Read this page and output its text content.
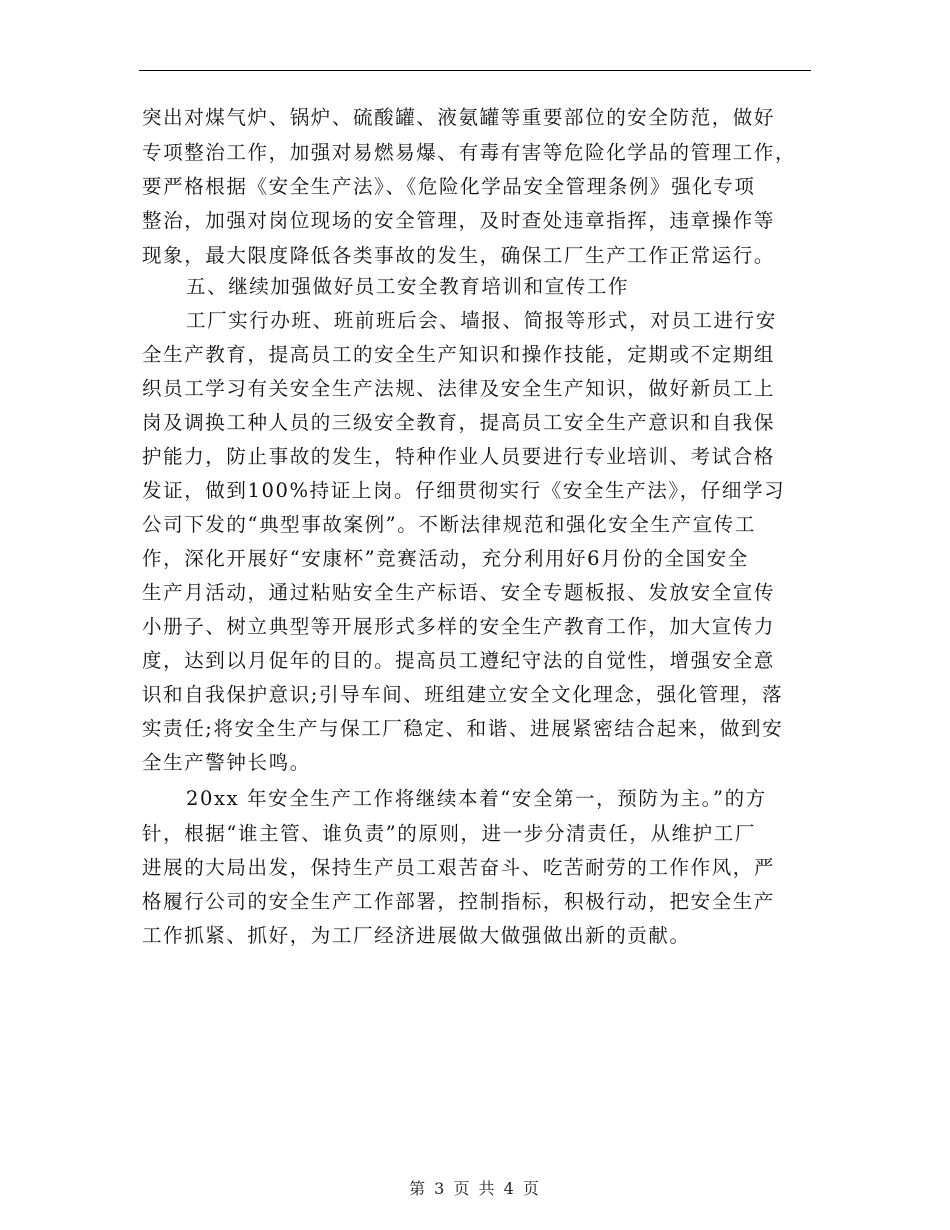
突出对煤气炉、锅炉、硫酸罐、液氨罐等重要部位的安全防范，做好
专项整治工作，加强对易燃易爆、有毒有害等危险化学品的管理工作，
要严格根据《安全生产法》、《危险化学品安全管理条例》强化专项
整治，加强对岗位现场的安全管理，及时查处违章指挥，违章操作等
现象，最大限度降低各类事故的发生，确保工厂生产工作正常运行。
五、继续加强做好员工安全教育培训和宣传工作
工厂实行办班、班前班后会、墙报、简报等形式，对员工进行安
全生产教育，提高员工的安全生产知识和操作技能，定期或不定期组
织员工学习有关安全生产法规、法律及安全生产知识，做好新员工上
岗及调换工种人员的三级安全教育，提高员工安全生产意识和自我保
护能力，防止事故的发生，特种作业人员要进行专业培训、考试合格
发证，做到100%持证上岗。仔细贯彻实行《安全生产法》，仔细学习
公司下发的“典型事故案例”。不断法律规范和强化安全生产宣传工
作，深化开展好“安康杯”竞赛活动，充分利用好6月份的全国安全
生产月活动，通过粘贴安全生产标语、安全专题板报、发放安全宣传
小册子、树立典型等开展形式多样的安全生产教育工作，加大宣传力
度，达到以月促年的目的。提高员工遵纪守法的自觉性，增强安全意
识和自我保护意识;引导车间、班组建立安全文化理念，强化管理，落
实责任;将安全生产与保工厂稳定、和谐、进展紧密结合起来，做到安
全生产警钟长鸣。
20xx 年安全生产工作将继续本着“安全第一，预防为主。”的方
针，根据“谁主管、谁负责”的原则，进一步分清责任，从维护工厂
进展的大局出发，保持生产员工艰苦奋斗、吃苦耐劳的工作作风，严
格履行公司的安全生产工作部署，控制指标，积极行动，把安全生产
工作抓紧、抓好，为工厂经济进展做大做强做出新的贡献。
第 3 页 共 4 页
